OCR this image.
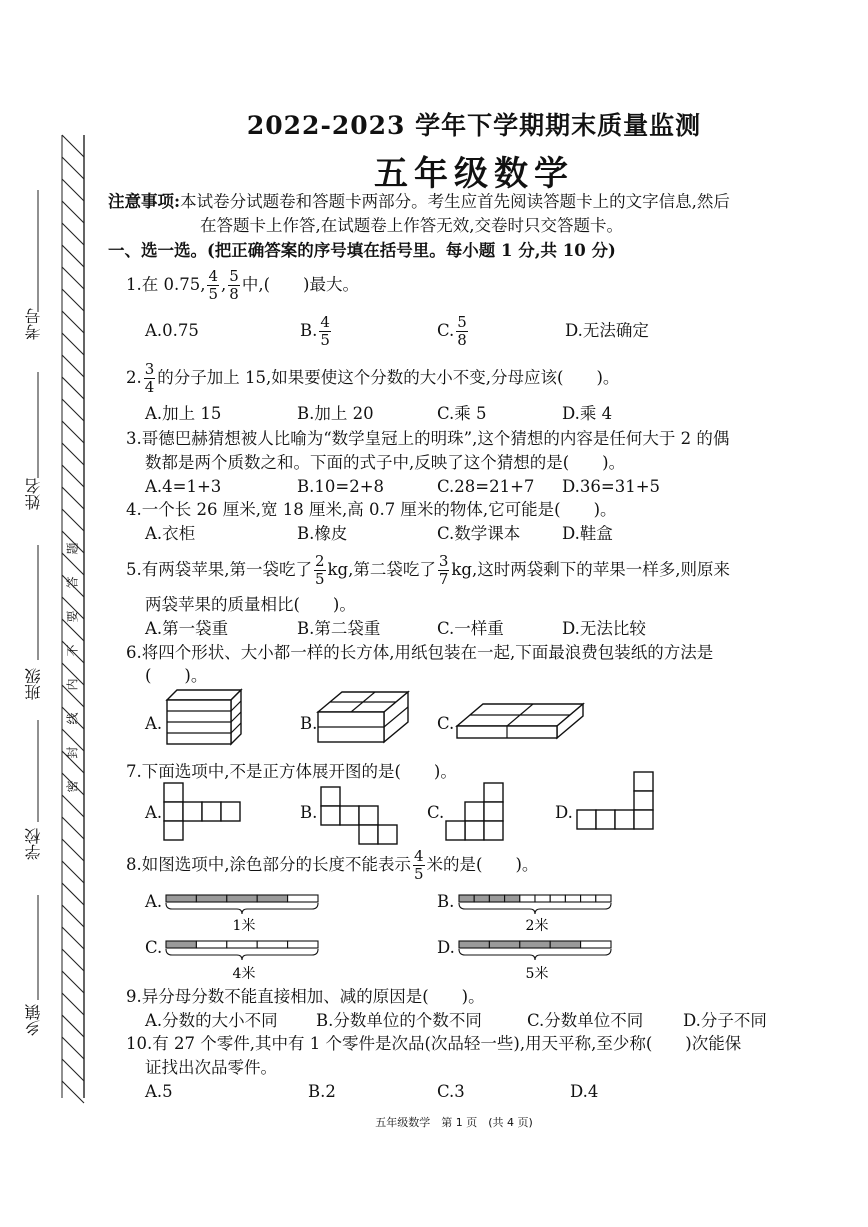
考号
姓名
班级
学校
乡镇
题
答
要
不
内
线
封
密
2022-2023 学年下学期期末质量监测
五年级数学
注意事项:本试卷分试题卷和答题卡两部分。考生应首先阅读答题卡上的文字信息,然后
在答题卡上作答,在试题卷上作答无效,交卷时只交答题卡。
一、选一选。(把正确答案的序号填在括号里。每小题 1 分,共 10 分)
1.在 0.75, $\frac{4}{5}$ , $\frac{5}{8}$ 中,(　　)最大。
A.0.75	B. $\frac{4}{5}$	C. $\frac{5}{8}$	D.无法确定
2. $\frac{3}{4}$ 的分子加上 15,如果要使这个分数的大小不变,分母应该(　　)。
A.加上 15	B.加上 20	C.乘 5	D.乘 4
3.哥德巴赫猜想被人比喻为“数学皇冠上的明珠”,这个猜想的内容是任何大于 2 的偶
数都是两个质数之和。下面的式子中,反映了这个猜想的是(　　)。
A.4=1+3	B.10=2+8	C.28=21+7 D.36=31+5
4.一个长 26 厘米,宽 18 厘米,高 0.7 厘米的物体,它可能是(　　)。
A.衣柜	B.橡皮	C.数学课本	D.鞋盒
5.有两袋苹果,第一袋吃了 $\frac{2}{5}$ kg,第二袋吃了 $\frac{3}{7}$ kg,这时两袋剩下的苹果一样多,则原来
两袋苹果的质量相比(　　)。
A.第一袋重	B.第二袋重	C.一样重	D.无法比较
6.将四个形状、大小都一样的长方体,用纸包装在一起,下面最浪费包装纸的方法是
(　　)。
A.	B.	C.
7.下面选项中,不是正方体展开图的是(　　)。
A.	B.	C.	D.
8.如图选项中,涂色部分的长度不能表示 $\frac{4}{5}$ 米的是(　　)。
A.	B.
C.	D.
1米	2米
4米	5米
9.异分母分数不能直接相加、减的原因是(　　)。
A.分数的大小不同 B.分数单位的个数不同	C.分数单位不同 D.分子不同
10.有 27 个零件,其中有 1 个零件是次品(次品轻一些),用天平称,至少称(　　)次能保
证找出次品零件。
A.5	B.2	C.3	D.4
五年级数学　第 1 页　(共 4 页)
